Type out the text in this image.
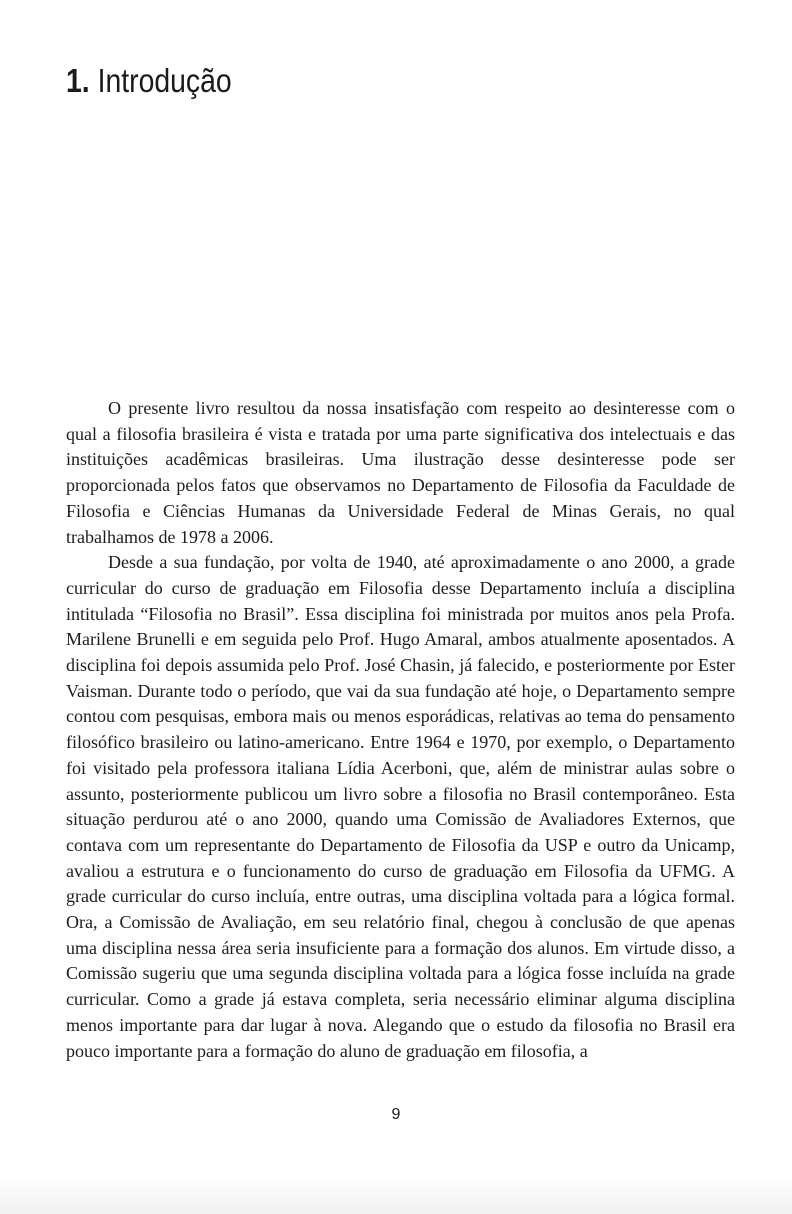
1. Introdução

O presente livro resultou da nossa insatisfação com respeito ao desinteresse com o qual a filosofia brasileira é vista e tratada por uma parte significativa dos intelectuais e das instituições acadêmicas brasileiras. Uma ilustração desse desinteresse pode ser proporcionada pelos fatos que observamos no Departamento de Filosofia da Faculdade de Filosofia e Ciências Humanas da Universidade Federal de Minas Gerais, no qual trabalhamos de 1978 a 2006.

Desde a sua fundação, por volta de 1940, até aproximadamente o ano 2000, a grade curricular do curso de graduação em Filosofia desse Departamento incluía a disciplina intitulada “Filosofia no Brasil”. Essa disciplina foi ministrada por muitos anos pela Profa. Marilene Brunelli e em seguida pelo Prof. Hugo Amaral, ambos atualmente aposentados. A disciplina foi depois assumida pelo Prof. José Chasin, já falecido, e posteriormente por Ester Vaisman. Durante todo o período, que vai da sua fundação até hoje, o Departamento sempre contou com pesquisas, embora mais ou menos esporádicas, relativas ao tema do pensamento filosófico brasileiro ou latino-americano. Entre 1964 e 1970, por exemplo, o Departamento foi visitado pela professora italiana Lídia Acerboni, que, além de ministrar aulas sobre o assunto, posteriormente publicou um livro sobre a filosofia no Brasil contemporâneo. Esta situação perdurou até o ano 2000, quando uma Comissão de Avaliadores Externos, que contava com um representante do Departamento de Filosofia da USP e outro da Unicamp, avaliou a estrutura e o funcionamento do curso de graduação em Filosofia da UFMG. A grade curricular do curso incluía, entre outras, uma disciplina voltada para a lógica formal. Ora, a Comissão de Avaliação, em seu relatório final, chegou à conclusão de que apenas uma disciplina nessa área seria insuficiente para a formação dos alunos. Em virtude disso, a Comissão sugeriu que uma segunda disciplina voltada para a lógica fosse incluída na grade curricular. Como a grade já estava completa, seria necessário eliminar alguma disciplina menos importante para dar lugar à nova. Alegando que o estudo da filosofia no Brasil era pouco importante para a formação do aluno de graduação em filosofia, a

9
